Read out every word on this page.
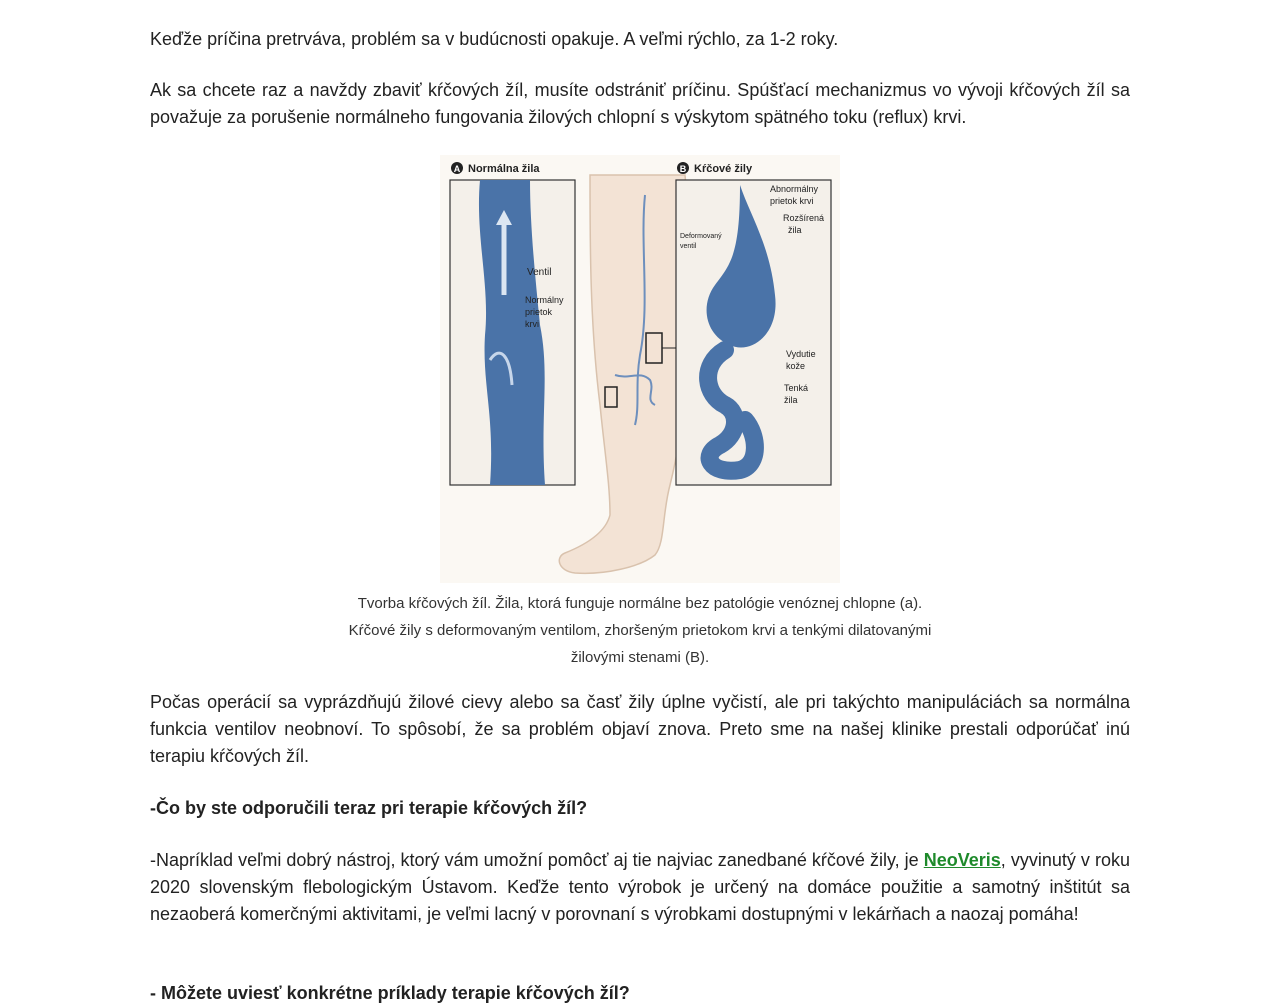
Keďže príčina pretrváva, problém sa v budúcnosti opakuje. A veľmi rýchlo, za 1-2 roky.

Ak sa chcete raz a navždy zbaviť kŕčových žíl, musíte odstrániť príčinu. Spúšťací mechanizmus vo vývoji kŕčových žíl sa považuje za porušenie normálneho fungovania žilových chlopní s výskytom spätného toku (reflux) krvi.

A Normálna žila
Ventil
Normálny
prietok
krvi
B Kŕčové žily
Abnormálny
prietok krvi
Rozšírená
žila
Deformovaný
ventil
Vydutie
kože
Tenká
žila
Tvorba kŕčových žíl. Žila, ktorá funguje normálne bez patológie venóznej chlopne (a).
Kŕčové žily s deformovaným ventilom, zhoršeným prietokom krvi a tenkými dilatovanými
žilovými stenami (B).

Počas operácií sa vyprázdňujú žilové cievy alebo sa časť žily úplne vyčistí, ale pri takýchto manipuláciách sa normálna funkcia ventilov neobnoví. To spôsobí, že sa problém objaví znova. Preto sme na našej klinike prestali odporúčať inú terapiu kŕčových žíl.

-Čo by ste odporučili teraz pri terapie kŕčových žíl?

-Napríklad veľmi dobrý nástroj, ktorý vám umožní pomôcť aj tie najviac zanedbané kŕčové žily, je NeoVeris, vyvinutý v roku 2020 slovenským flebologickým Ústavom. Keďže tento výrobok je určený na domáce použitie a samotný inštitút sa nezaoberá komerčnými aktivitami, je veľmi lacný v porovnaní s výrobkami dostupnými v lekárňach a naozaj pomáha!

- Môžete uviesť konkrétne príklady terapie kŕčových žíl?
